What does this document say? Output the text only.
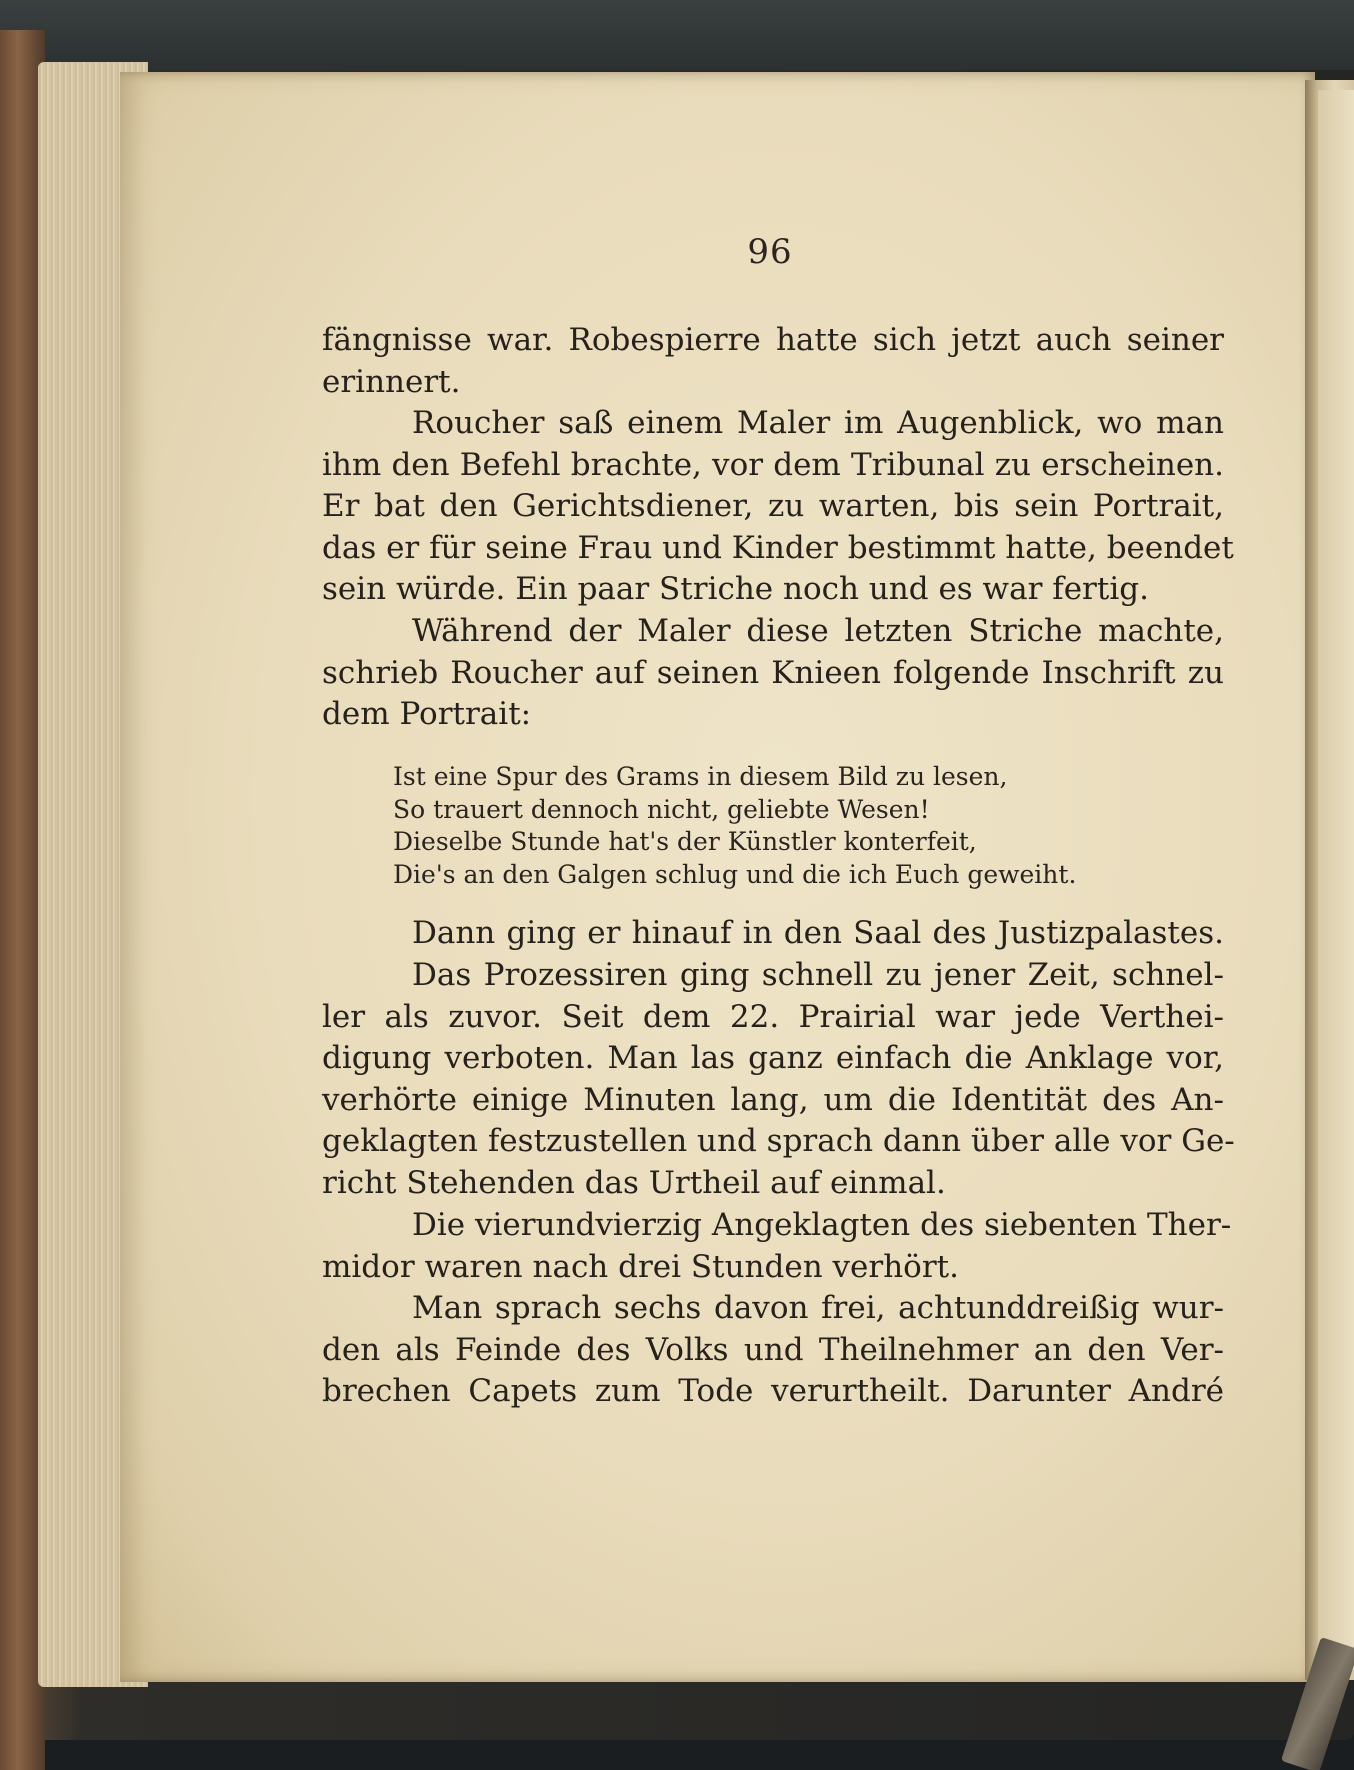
96
fängnisse war. Robespierre hatte sich jetzt auch seiner
erinnert.
Roucher saß einem Maler im Augenblick, wo man
ihm den Befehl brachte, vor dem Tribunal zu erscheinen.
Er bat den Gerichtsdiener, zu warten, bis sein Portrait,
das er für seine Frau und Kinder bestimmt hatte, beendet
sein würde. Ein paar Striche noch und es war fertig.
Während der Maler diese letzten Striche machte,
schrieb Roucher auf seinen Knieen folgende Inschrift zu
dem Portrait:
Ist eine Spur des Grams in diesem Bild zu lesen,
So trauert dennoch nicht, geliebte Wesen!
Dieselbe Stunde hat's der Künstler konterfeit,
Die's an den Galgen schlug und die ich Euch geweiht.
Dann ging er hinauf in den Saal des Justizpalastes.
Das Prozessiren ging schnell zu jener Zeit, schnel-
ler als zuvor. Seit dem 22. Prairial war jede Verthei-
digung verboten. Man las ganz einfach die Anklage vor,
verhörte einige Minuten lang, um die Identität des An-
geklagten festzustellen und sprach dann über alle vor Ge-
richt Stehenden das Urtheil auf einmal.
Die vierundvierzig Angeklagten des siebenten Ther-
midor waren nach drei Stunden verhört.
Man sprach sechs davon frei, achtunddreißig wur-
den als Feinde des Volks und Theilnehmer an den Ver-
brechen Capets zum Tode verurtheilt. Darunter André
